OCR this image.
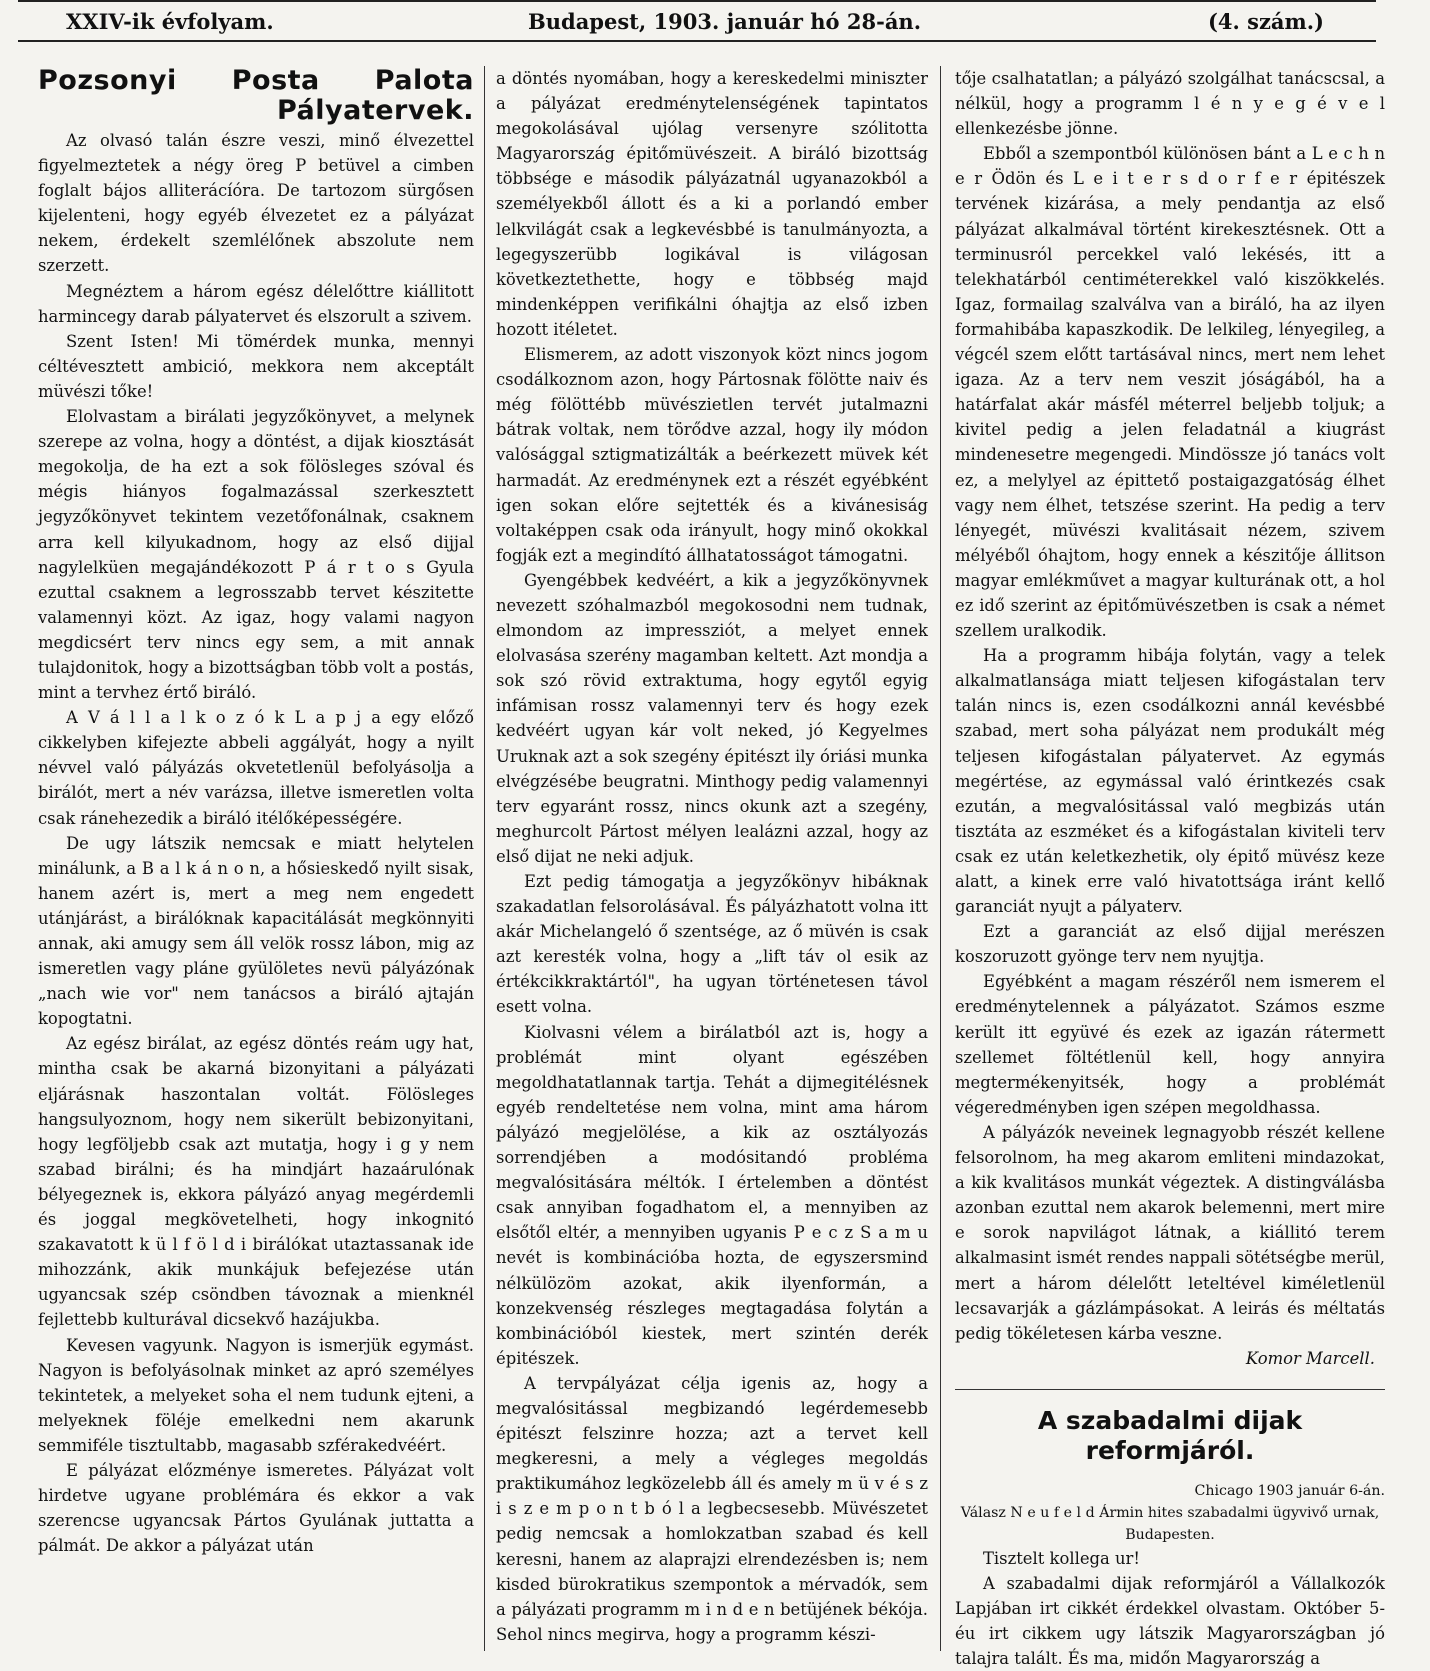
XXIV-ik évfolyam.	Budapest, 1903. január hó 28-án.	(4. szám.)
Pozsonyi Posta Palota Pályatervek.

Az olvasó talán észre veszi, minő élvezettel figyelmeztetek a négy öreg P betüvel a cimben foglalt bájos alliterácíóra. De tartozom sürgősen kijelenteni, hogy egyéb élvezetet ez a pályázat nekem, érdekelt szemlélőnek abszolute nem szerzett.

Megnéztem a három egész délelőttre kiállitott harmincegy darab pályatervet és elszorult a szivem.

Szent Isten! Mi tömérdek munka, mennyi céltévesztett ambició, mekkora nem akceptált müvészi tőke!

Elolvastam a birálati jegyzőkönyvet, a melynek szerepe az volna, hogy a döntést, a dijak kiosztását megokolja, de ha ezt a sok fölösleges szóval és mégis hiányos fogalmazással szerkesztett jegyzőkönyvet tekintem vezetőfonálnak, csaknem arra kell kilyukadnom, hogy az első dijjal nagylelküen megajándékozott P á r t o s Gyula ezuttal csaknem a legrosszabb tervet készitette valamennyi közt. Az igaz, hogy valami nagyon megdicsért terv nincs egy sem, a mit annak tulajdonitok, hogy a bizottságban több volt a postás, mint a tervhez értő biráló.

A V á l l a l k o z ó k L a p j a egy előző cikkelyben kifejezte abbeli aggályát, hogy a nyilt névvel való pályázás okvetetlenül befolyásolja a birálót, mert a név varázsa, illetve ismeretlen volta csak ránehezedik a biráló itélőképességére.

De ugy látszik nemcsak e miatt helytelen minálunk, a B a l k á n o n, a hősieskedő nyilt sisak, hanem azért is, mert a meg nem engedett utánjárást, a birálóknak kapacitálását megkönnyiti annak, aki amugy sem áll velök rossz lábon, mig az ismeretlen vagy pláne gyülöletes nevü pályázónak „nach wie vor" nem tanácsos a biráló ajtaján kopogtatni.

Az egész birálat, az egész döntés reám ugy hat, mintha csak be akarná bizonyitani a pályázati eljárásnak haszontalan voltát. Fölösleges hangsulyoznom, hogy nem sikerült bebizonyitani, hogy legföljebb csak azt mutatja, hogy i g y nem szabad birálni; és ha mindjárt hazaárulónak bélyegeznek is, ekkora pályázó anyag megérdemli és joggal megkövetelheti, hogy inkognitó szakavatott k ü l f ö l d i birálókat utaztassanak ide mihozzánk, akik munkájuk befejezése után ugyancsak szép csöndben távoznak a mienknél fejlettebb kulturával dicsekvő hazájukba.

Kevesen vagyunk. Nagyon is ismerjük egymást. Nagyon is befolyásolnak minket az apró személyes tekintetek, a melyeket soha el nem tudunk ejteni, a melyeknek föléje emelkedni nem akarunk semmiféle tisztultabb, magasabb szférakedvéért.

E pályázat előzménye ismeretes. Pályázat volt hirdetve ugyane problémára és ekkor a vak szerencse ugyancsak Pártos Gyulának juttatta a pálmát. De akkor a pályázat után

a döntés nyomában, hogy a kereskedelmi miniszter a pályázat eredménytelenségének tapintatos megokolásával ujólag versenyre szólitotta Magyarország épitőmüvészeit. A biráló bizottság többsége e második pályázatnál ugyanazokból a személyekből állott és a ki a porlandó ember lelkvilágát csak a legkevésbbé is tanulmányozta, a legegyszerübb logikával is világosan következtethette, hogy e többség majd mindenképpen verifikálni óhajtja az első izben hozott itéletet.

Elismerem, az adott viszonyok közt nincs jogom csodálkoznom azon, hogy Pártosnak fölötte naiv és még fölöttébb müvészietlen tervét jutalmazni bátrak voltak, nem törődve azzal, hogy ily módon valósággal sztigmatizálták a beérkezett müvek két harmadát. Az eredménynek ezt a részét egyébként igen sokan előre sejtették és a kivánesiság voltaképpen csak oda irányult, hogy minő okokkal fogják ezt a megindító állhatatosságot támogatni.

Gyengébbek kedvéért, a kik a jegyzőkönyvnek nevezett szóhalmazból megokosodni nem tudnak, elmondom az impressziót, a melyet ennek elolvasása szerény magamban keltett. Azt mondja a sok szó rövid extraktuma, hogy egytől egyig infámisan rossz valamennyi terv és hogy ezek kedvéért ugyan kár volt neked, jó Kegyelmes Uruknak azt a sok szegény épitészt ily óriási munka elvégzésébe beugratni. Minthogy pedig valamennyi terv egyaránt rossz, nincs okunk azt a szegény, meghurcolt Pártost mélyen lealázni azzal, hogy az első dijat ne neki adjuk.

Ezt pedig támogatja a jegyzőkönyv hibáknak szakadatlan felsorolásával. És pályázhatott volna itt akár Michelangeló ő szentsége, az ő müvén is csak azt keresték volna, hogy a „lift táv ol esik az értékcikkraktártól", ha ugyan történetesen távol esett volna.

Kiolvasni vélem a birálatból azt is, hogy a problémát mint olyant egészében megoldhatatlannak tartja. Tehát a dijmegitélésnek egyéb rendeltetése nem volna, mint ama három pályázó megjelölése, a kik az osztályozás sorrendjében a modósitandó probléma megvalósitására méltók. I értelemben a döntést csak annyiban fogadhatom el, a mennyiben az elsőtől eltér, a mennyiben ugyanis P e c z S a m u nevét is kombinációba hozta, de egyszersmind nélkülözöm azokat, akik ilyenformán, a konzekvenség részleges megtagadása folytán a kombinációból kiestek, mert szintén derék épitészek.

A tervpályázat célja igenis az, hogy a megvalósitással megbizandó legérdemesebb épitészt felszinre hozza; azt a tervet kell megkeresni, a mely a végleges megoldás praktikumához legközelebb áll és amely m ü v é s z i s z e m p o n t b ó l a legbecsesebb. Müvészetet pedig nemcsak a homlokzatban szabad és kell keresni, hanem az alaprajzi elrendezésben is; nem kisded bürokratikus szempontok a mérvadók, sem a pályázati programm m i n d e n betüjének békója. Sehol nincs megirva, hogy a programm készi-

tője csalhatatlan; a pályázó szolgálhat tanácscsal, a nélkül, hogy a programm l é n y e g é v e l ellenkezésbe jönne.

Ebből a szempontból különösen bánt a L e c h n e r Ödön és L e i t e r s d o r f e r épitészek tervének kizárása, a mely pendantja az első pályázat alkalmával történt kirekesztésnek. Ott a terminusról percekkel való lekésés, itt a telekhatárból centiméterekkel való kiszökkelés. Igaz, formailag szalválva van a biráló, ha az ilyen formahibába kapaszkodik. De lelkileg, lényegileg, a végcél szem előtt tartásával nincs, mert nem lehet igaza. Az a terv nem veszit jóságából, ha a határfalat akár másfél méterrel beljebb toljuk; a kivitel pedig a jelen feladatnál a kiugrást mindenesetre megengedi. Mindössze jó tanács volt ez, a melylyel az épittető postaigazgatóság élhet vagy nem élhet, tetszése szerint. Ha pedig a terv lényegét, müvészi kvalitásait nézem, szivem mélyéből óhajtom, hogy ennek a készitője állitson magyar emlékművet a magyar kulturának ott, a hol ez idő szerint az épitőmüvészetben is csak a német szellem uralkodik.

Ha a programm hibája folytán, vagy a telek alkalmatlansága miatt teljesen kifogástalan terv talán nincs is, ezen csodálkozni annál kevésbbé szabad, mert soha pályázat nem produkált még teljesen kifogástalan pályatervet. Az egymás megértése, az egymással való érintkezés csak ezután, a megvalósitással való megbizás után tisztáta az eszméket és a kifogástalan kiviteli terv csak ez után keletkezhetik, oly épitő müvész keze alatt, a kinek erre való hivatottsága iránt kellő garanciát nyujt a pályaterv.

Ezt a garanciát az első dijjal merészen koszoruzott gyönge terv nem nyujtja.

Egyébként a magam részéről nem ismerem el eredménytelennek a pályázatot. Számos eszme került itt együvé és ezek az igazán rátermett szellemet föltétlenül kell, hogy annyira megtermékenyitsék, hogy a problémát végeredményben igen szépen megoldhassa.

A pályázók neveinek legnagyobb részét kellene felsorolnom, ha meg akarom emliteni mindazokat, a kik kvalitásos munkát végeztek. A distingválásba azonban ezuttal nem akarok belemenni, mert mire e sorok napvilágot látnak, a kiállitó terem alkalmasint ismét rendes nappali sötétségbe merül, mert a három délelőtt leteltével kiméletlenül lecsavarják a gázlámpásokat. A leirás és méltatás pedig tökéletesen kárba veszne.

Komor Marcell.

A szabadalmi dijak reformjáról.

Chicago 1903 január 6-án.

Válasz N e u f e l d Ármin hites szabadalmi ügyvivő urnak, Budapesten.

Tisztelt kollega ur!

A szabadalmi dijak reformjáról a Vállalkozók Lapjában irt cikkét érdekkel olvastam. Október 5-éu irt cikkem ugy látszik Magyarországban jó talajra talált. És ma, midőn Magyarország a
